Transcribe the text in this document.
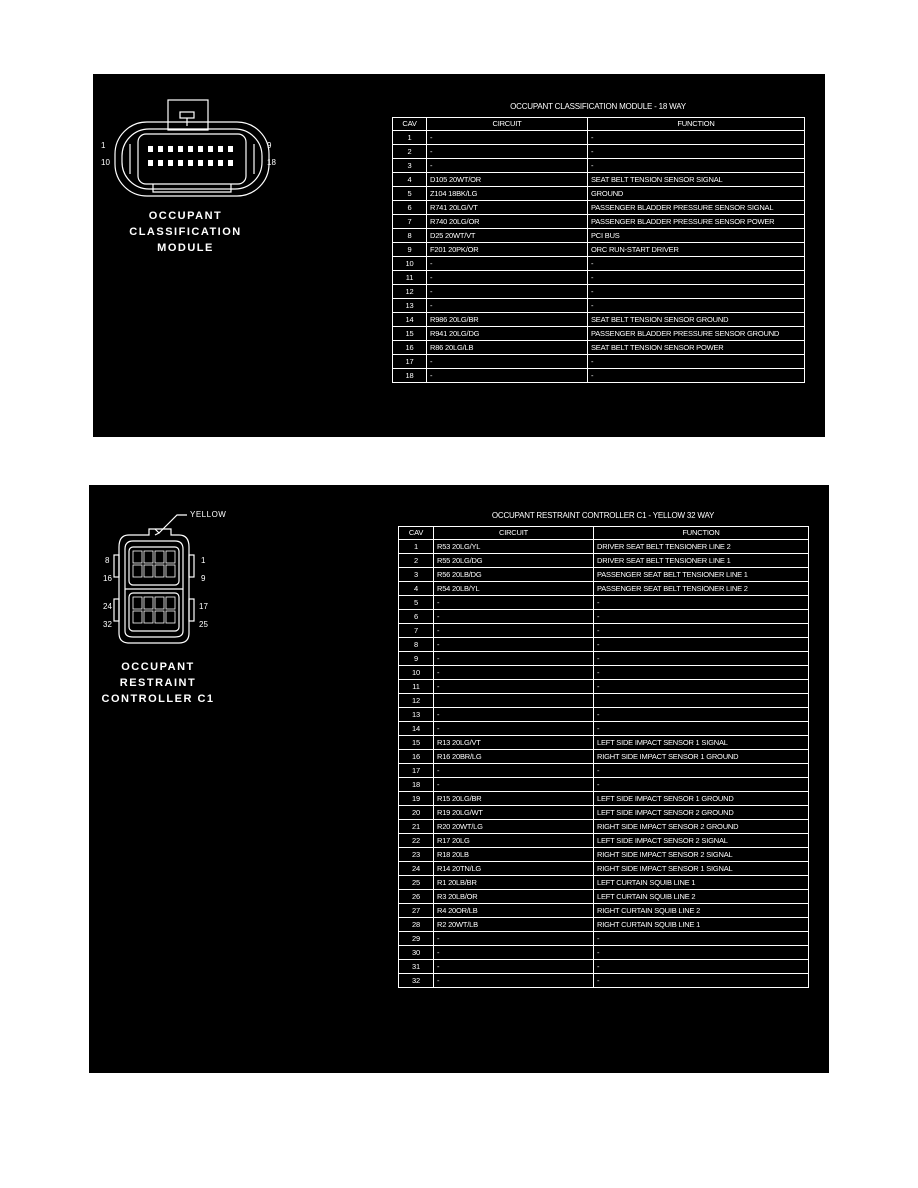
1
10
9
18
OCCUPANT
CLASSIFICATION
MODULE
OCCUPANT CLASSIFICATION MODULE - 18 WAY
CAV	CIRCUIT	FUNCTION
1	-	-
2	-	-
3	-	-
4	D105 20WT/OR	SEAT BELT TENSION SENSOR SIGNAL
5	Z104 18BK/LG	GROUND
6	R741 20LG/VT	PASSENGER BLADDER PRESSURE SENSOR SIGNAL
7	R740 20LG/OR	PASSENGER BLADDER PRESSURE SENSOR POWER
8	D25 20WT/VT	PCI BUS
9	F201 20PK/OR	ORC RUN-START DRIVER
10	-	-
11	-	-
12	-	-
13	-	-
14	R986 20LG/BR	SEAT BELT TENSION SENSOR GROUND
15	R941 20LG/DG	PASSENGER BLADDER PRESSURE SENSOR GROUND
16	R86 20LG/LB	SEAT BELT TENSION SENSOR POWER
17	-	-
18	-	-
YELLOW
8	1
16	9
24	17
32	25
OCCUPANT
RESTRAINT
CONTROLLER C1
OCCUPANT RESTRAINT CONTROLLER C1 - YELLOW 32 WAY
CAV	CIRCUIT	FUNCTION
1	R53 20LG/YL	DRIVER SEAT BELT TENSIONER LINE 2
2	R55 20LG/DG	DRIVER SEAT BELT TENSIONER LINE 1
3	R56 20LB/DG	PASSENGER SEAT BELT TENSIONER LINE 1
4	R54 20LB/YL	PASSENGER SEAT BELT TENSIONER LINE 2
5	-	-
6	-	-
7	-	-
8	-	-
9	-	-
10	-	-
11	-	-
12		
13	-	-
14	-	-
15	R13 20LG/VT	LEFT SIDE IMPACT SENSOR 1 SIGNAL
16	R16 20BR/LG	RIGHT SIDE IMPACT SENSOR 1 GROUND
17	-	-
18	-	-
19	R15 20LG/BR	LEFT SIDE IMPACT SENSOR 1 GROUND
20	R19 20LG/WT	LEFT SIDE IMPACT SENSOR 2 GROUND
21	R20 20WT/LG	RIGHT SIDE IMPACT SENSOR 2 GROUND
22	R17 20LG	LEFT SIDE IMPACT SENSOR 2 SIGNAL
23	R18 20LB	RIGHT SIDE IMPACT SENSOR 2 SIGNAL
24	R14 20TN/LG	RIGHT SIDE IMPACT SENSOR 1 SIGNAL
25	R1 20LB/BR	LEFT CURTAIN SQUIB LINE 1
26	R3 20LB/OR	LEFT CURTAIN SQUIB LINE 2
27	R4 20OR/LB	RIGHT CURTAIN SQUIB LINE 2
28	R2 20WT/LB	RIGHT CURTAIN SQUIB LINE 1
29	-	-
30	-	-
31	-	-
32	-	-
